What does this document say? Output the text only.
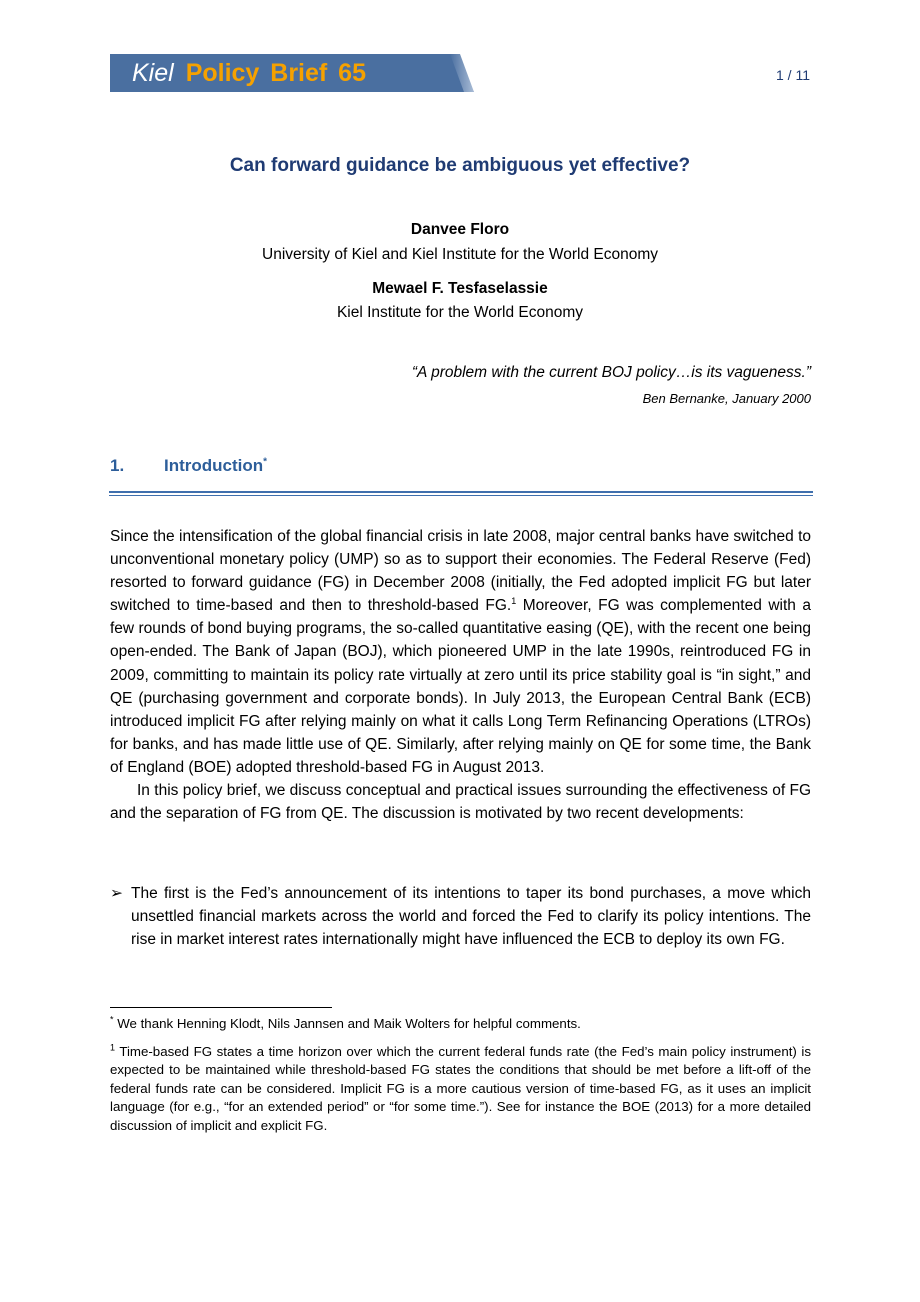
Kiel Policy Brief 65	1 / 11
Can forward guidance be ambiguous yet effective?
Danvee Floro
University of Kiel and Kiel Institute for the World Economy
Mewael F. Tesfaselassie
Kiel Institute for the World Economy
“A problem with the current BOJ policy…is its vagueness.”
Ben Bernanke, January 2000
1. Introduction*

Since the intensification of the global financial crisis in late 2008, major central banks have switched to unconventional monetary policy (UMP) so as to support their economies. The Federal Reserve (Fed) resorted to forward guidance (FG) in December 2008 (initially, the Fed adopted implicit FG but later switched to time-based and then to threshold-based FG.$^1$ Moreover, FG was complemented with a few rounds of bond buying programs, the so-called quantitative easing (QE), with the recent one being open-ended. The Bank of Japan (BOJ), which pioneered UMP in the late 1990s, reintroduced FG in 2009, committing to maintain its policy rate virtually at zero until its price stability goal is “in sight,” and QE (purchasing government and corporate bonds). In July 2013, the European Central Bank (ECB) introduced implicit FG after relying mainly on what it calls Long Term Refinancing Operations (LTROs) for banks, and has made little use of QE. Similarly, after relying mainly on QE for some time, the Bank of England (BOE) adopted threshold-based FG in August 2013.

In this policy brief, we discuss conceptual and practical issues surrounding the effectiveness of FG and the separation of FG from QE. The discussion is motivated by two recent developments:

➢ The first is the Fed’s announcement of its intentions to taper its bond purchases, a move which unsettled financial markets across the world and forced the Fed to clarify its policy intentions. The rise in market interest rates internationally might have influenced the ECB to deploy its own FG.
* We thank Henning Klodt, Nils Jannsen and Maik Wolters for helpful comments.
$^1$ Time-based FG states a time horizon over which the current federal funds rate (the Fed’s main policy instrument) is expected to be maintained while threshold-based FG states the conditions that should be met before a lift-off of the federal funds rate can be considered. Implicit FG is a more cautious version of time-based FG, as it uses an implicit language (for e.g., “for an extended period” or “for some time.”). See for instance the BOE (2013) for a more detailed discussion of implicit and explicit FG.
